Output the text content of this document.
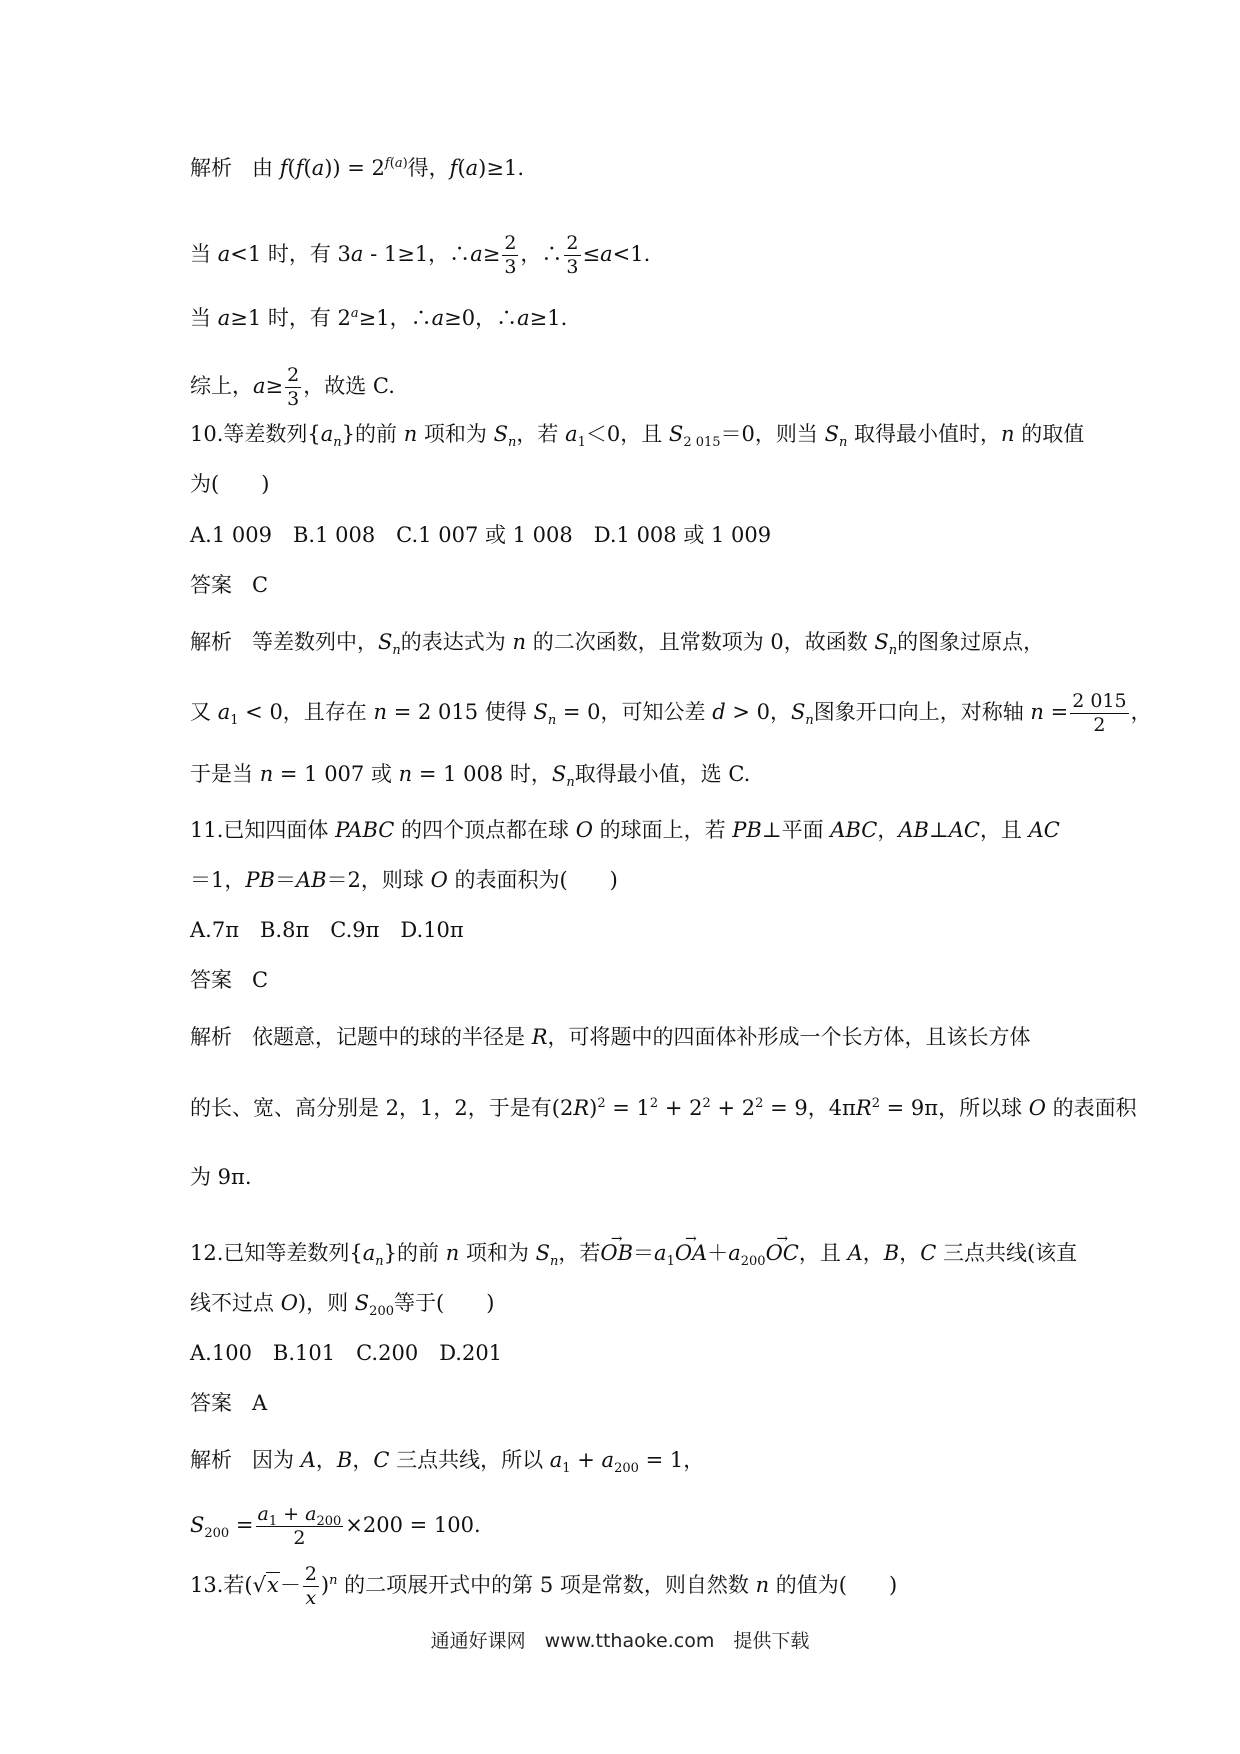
解析 由 $f(f(a)) = 2^{f(a)}$得，f(a)≥1.
当 a<1 时，有 3a - 1≥1，∴a≥ $\frac{2}{3}$ ，∴ $\frac{2}{3} \le a<1$.
当 a≥1 时，有 $2^a\ge 1$，∴a≥0，∴a≥1.
综上，$a\ge \frac{2}{3}$ ，故选 C.
10.等差数列$\{a_n\}$的前 n 项和为 $S_n$，若 $a_1<0$，且 $S_{2 015}=0$，则当 $S_n$ 取得最小值时，n 的取值
为(　　)
A.1 009　B.1 008　C.1 007 或 1 008　D.1 008 或 1 009
答案 C
解析 等差数列中，$S_n$的表达式为 n 的二次函数，且常数项为 0，故函数 $S_n$的图象过原点，
又 $a_1 < 0$，且存在 n = 2 015 使得 $S_n = 0$，可知公差 d > 0，$S_n$图象开口向上，对称轴 $n = \frac{2 015}{2}$ ，
于是当 n = 1 007 或 n = 1 008 时，$S_n$取得最小值，选 C.
11.已知四面体 PABC 的四个顶点都在球 O 的球面上，若 PB⊥平面 ABC，AB⊥AC，且 AC
＝1，PB＝AB＝2，则球 O 的表面积为(　　)
A.7π　B.8π　C.9π　D.10π
答案 C
解析 依题意，记题中的球的半径是 R，可将题中的四面体补形成一个长方体，且该长方体
的长、宽、高分别是 2，1，2，于是有$(2R)^2 = 1^2 + 2^2 + 2^2 = 9$，$4\pi R^2 = 9\pi$，所以球 O 的表面积
为 9π.
12.已知等差数列$\{a_n\}$的前 n 项和为 $S_n$，若→ $OB=a_1\to OA+a_{200}\to$ OC，且 A，B，C 三点共线(该直
线不过点 O)，则 $S_{200}$等于(　　)
A.100　B.101　C.200　D.201
答案 A
解析 因为 A，B，C 三点共线，所以 $a_1 + a_{200} = 1$，
$S_{200} = \frac{a_1 + a_{200}}{2} \times 200 = 100$.
13.若$(√x- \frac{2}{x} )^n$ 的二项展开式中的第 5 项是常数，则自然数 n 的值为(　　)
通通好课网　www.tthaoke.com　提供下载
